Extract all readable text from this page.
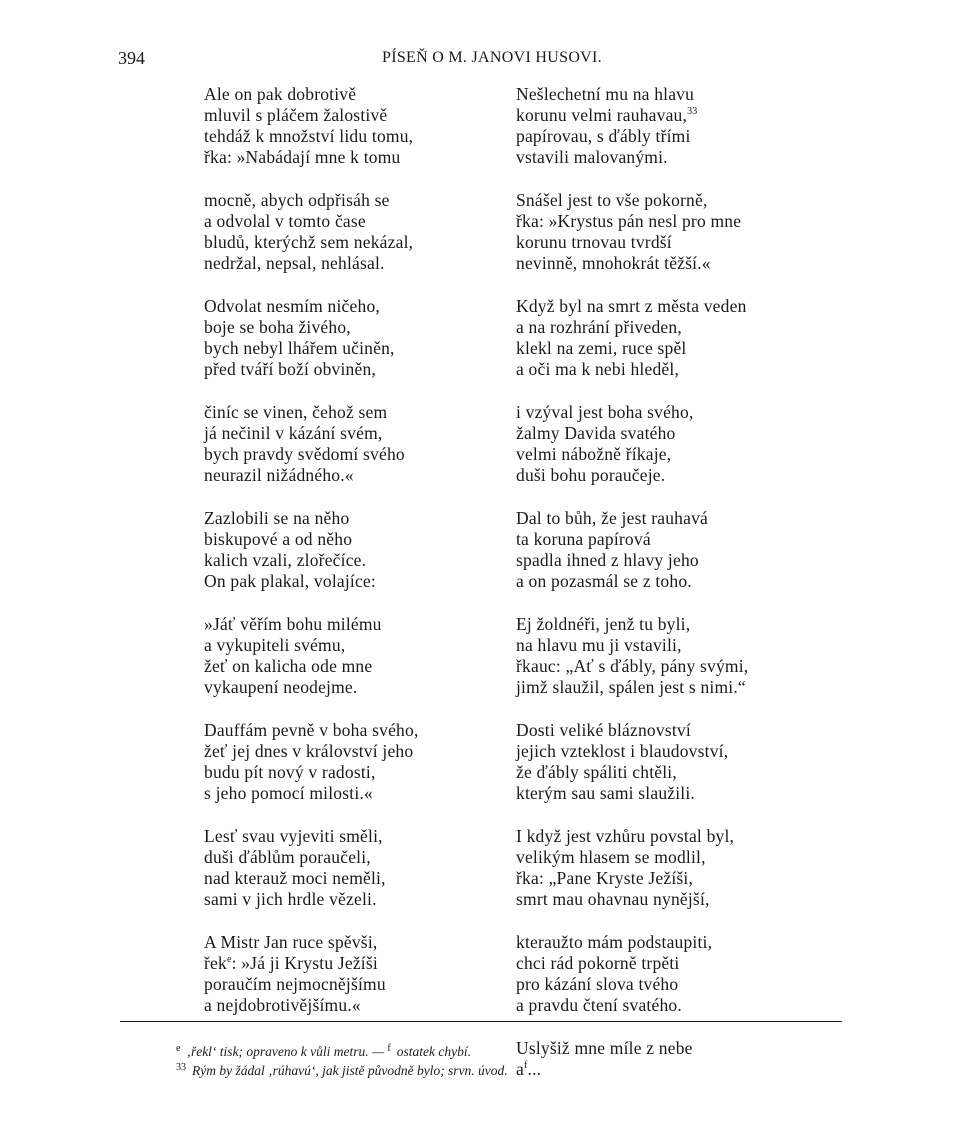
394	PÍSEŇ O M. JANOVI HUSOVI.
Ale on pak dobrotivě
mluvil s pláčem žalostivě
tehdáž k množství lidu tomu,
řka: »Nabádají mne k tomu
mocně, abych odpřisáh se
a odvolal v tomto čase
bludů, kterýchž sem nekázal,
nedržal, nepsal, nehlásal.
Odvolat nesmím ničeho,
boje se boha živého,
bych nebyl lhářem učiněn,
před tváří boží obviněn,
činíc se vinen, čehož sem
já nečinil v kázání svém,
bych pravdy svědomí svého
neurazil nižádného.«
Zazlobili se na něho
biskupové a od něho
kalich vzali, zlořečíce.
On pak plakal, volajíce:
»Jáť věřím bohu milému
a vykupiteli svému,
žeť on kalicha ode mne
vykaupení neodejme.
Dauffám pevně v boha svého,
žeť jej dnes v království jeho
budu pít nový v radosti,
s jeho pomocí milosti.«
Lesť svau vyjeviti směli,
duši ďáblům poraučeli,
nad kterauž moci neměli,
sami v jich hrdle vězeli.
A Mistr Jan ruce spěvši,
řek$^e$: »Já ji Krystu Ježíši
poraučím nejmocnějšímu
a nejdobrotivějšímu.«
Nešlechetní mu na hlavu
korunu velmi rauhavau,$^{33}$
papírovau, s ďábly třími
vstavili malovanými.
Snášel jest to vše pokorně,
řka: »Krystus pán nesl pro mne
korunu trnovau tvrdší
nevinně, mnohokrát těžší.«
Když byl na smrt z města veden
a na rozhrání přiveden,
klekl na zemi, ruce spěl
a oči ma k nebi hleděl,
i vzýval jest boha svého,
žalmy Davida svatého
velmi nábožně říkaje,
duši bohu poraučeje.
Dal to bůh, že jest rauhavá
ta koruna papírová
spadla ihned z hlavy jeho
a on pozasmál se z toho.
Ej žoldnéři, jenž tu byli,
na hlavu mu ji vstavili,
řkauc: „Ať s ďábly, pány svými,
jimž slaužil, spálen jest s nimi.“
Dosti veliké bláznovství
jejich vzteklost i blaudovství,
že ďábly spáliti chtěli,
kterým sau sami slaužili.
I když jest vzhůru povstal byl,
velikým hlasem se modlil,
řka: „Pane Kryste Ježíši,
smrt mau ohavnau nynější,
kteraužto mám podstaupiti,
chci rád pokorně trpěti
pro kázání slova tvého
a pravdu čtení svatého.
Uslyšiž mne míle z nebe
$a^f$...
$^e$ ‚řekl‘ tisk; opraveno k vůli metru. — $^f$ ostatek chybí.
$^{33}$ Rým by žádal ‚rúhavú‘, jak jistě původně bylo; srvn. úvod.
